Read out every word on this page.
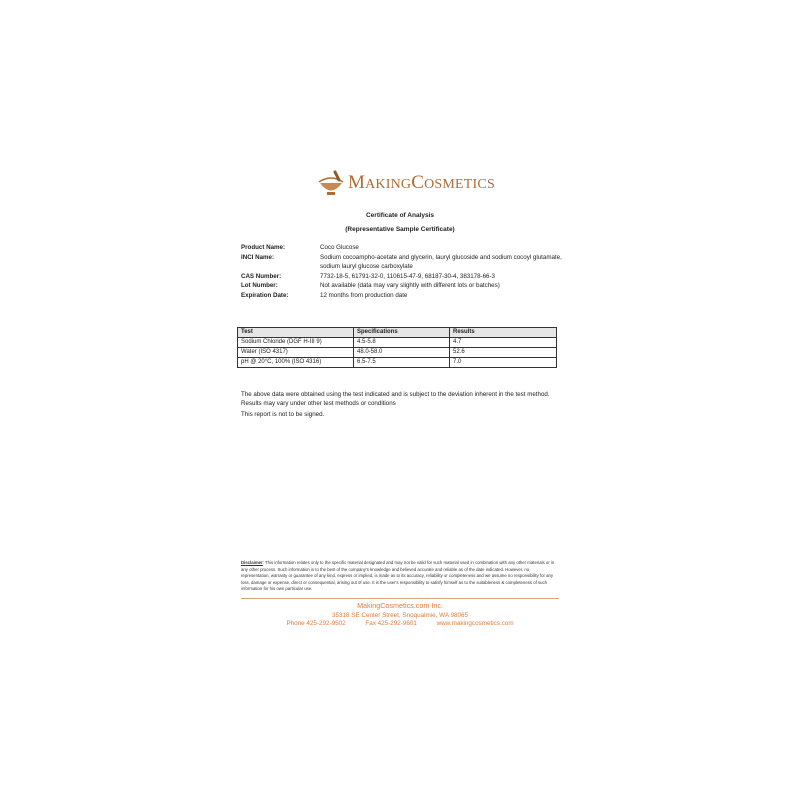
MAKINGCOSMETICS
Certificate of Analysis
(Representative Sample Certificate)
Product Name:	Coco Glucose
INCI Name:	Sodium cocoampho-acetate and glycerin, lauryl glucoside and sodium cocoyl glutamate, sodium lauryl glucose carboxylate
CAS Number:	7732-18-5, 61791-32-0, 110615-47-9, 68187-30-4, 383178-66-3
Lot Number:	Not available (data may vary slightly with different lots or batches)
Expiration Date:	12 months from production date
Test	Specifications	Results
Sodium Chloride (DGF H-III 9)	4.5-5.8	4.7
Water (ISO 4317)	48.0-58.0	52.6
pH @ 20°C, 100% (ISO 4316)	6.5-7.5	7.0
The above data were obtained using the test indicated and is subject to the deviation inherent in the test method. Results may vary under other test methods or conditions
This report is not to be signed.
Disclaimer: This information relates only to the specific material designated and may not be valid for such material used in combination with any other materials or in any other process. Such information is to the best of the company's knowledge and believed accurate and reliable as of the date indicated. However, no representation, warranty or guarantee of any kind, express or implied, is made as to its accuracy, reliability or completeness and we assume no responsibility for any loss, damage or expense, direct or consequential, arising out of use. It is the user's responsibility to satisfy himself as to the suitableness & completeness of such information for his own particular use.
MakingCosmetics.com Inc.
35318 SE Center Street, Snoqualmie, WA 98065
Phone 425-292-9502	Fax 425-292-9601	www.makingcosmetics.com
